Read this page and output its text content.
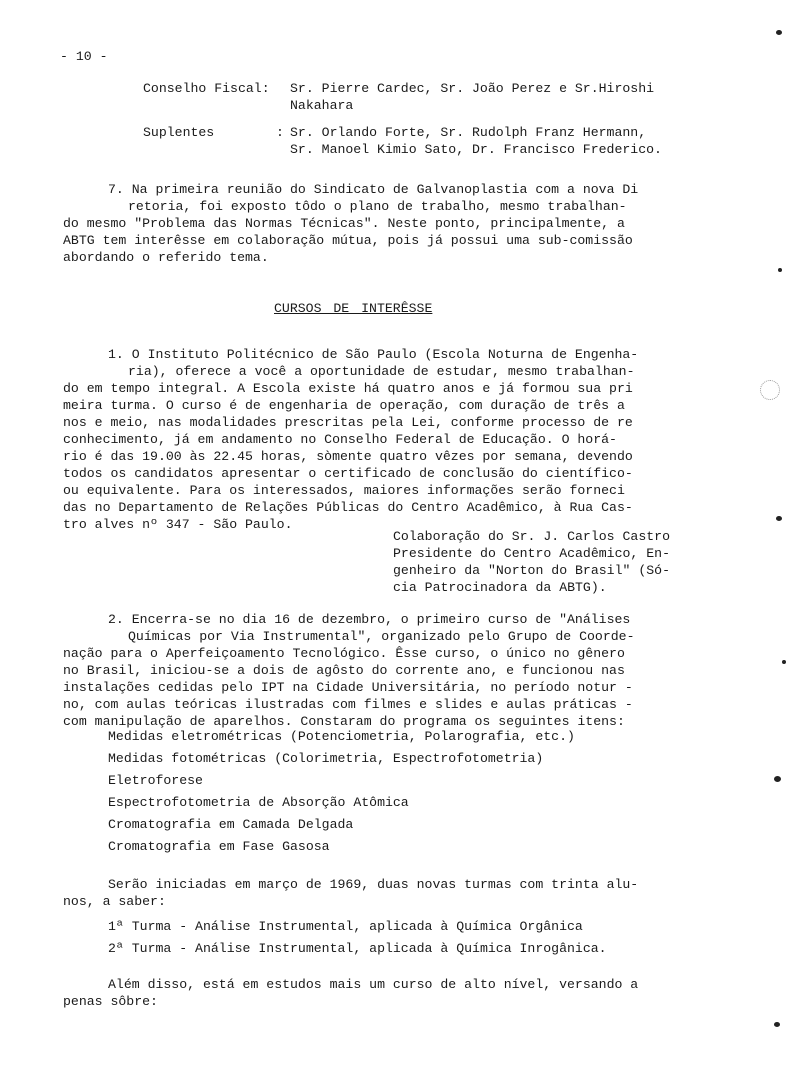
- 10 -
Conselho Fiscal: Sr. Pierre Cardec, Sr. João Perez e Sr.Hiroshi
Nakahara
Suplentes	: Sr. Orlando Forte, Sr. Rudolph Franz Hermann,
Sr. Manoel Kimio Sato, Dr. Francisco Frederico.
7. Na primeira reunião do Sindicato de Galvanoplastia com a nova Di
retoria, foi exposto tôdo o plano de trabalho, mesmo trabalhan-
do mesmo "Problema das Normas Técnicas". Neste ponto, principalmente, a
ABTG tem interêsse em colaboração mútua, pois já possui uma sub-comissão
abordando o referido tema.
CURSOS DE INTERÊSSE
1. O Instituto Politécnico de São Paulo (Escola Noturna de Engenha-
ria), oferece a você a oportunidade de estudar, mesmo trabalhan-
do em tempo integral. A Escola existe há quatro anos e já formou sua pri
meira turma. O curso é de engenharia de operação, com duração de três a
nos e meio, nas modalidades prescritas pela Lei, conforme processo de re
conhecimento, já em andamento no Conselho Federal de Educação. O horá-
rio é das 19.00 às 22.45 horas, sòmente quatro vêzes por semana, devendo
todos os candidatos apresentar o certificado de conclusão do científico-
ou equivalente. Para os interessados, maiores informações serão forneci
das no Departamento de Relações Públicas do Centro Acadêmico, à Rua Cas-
tro alves nº 347 - São Paulo.
Colaboração do Sr. J. Carlos Castro
Presidente do Centro Acadêmico, En-
genheiro da "Norton do Brasil" (Só-
cia Patrocinadora da ABTG).
2. Encerra-se no dia 16 de dezembro, o primeiro curso de "Análises
Químicas por Via Instrumental", organizado pelo Grupo de Coorde-
nação para o Aperfeiçoamento Tecnológico. Êsse curso, o único no gênero
no Brasil, iniciou-se a dois de agôsto do corrente ano, e funcionou nas
instalações cedidas pelo IPT na Cidade Universitária, no período notur -
no, com aulas teóricas ilustradas com filmes e slides e aulas práticas -
com manipulação de aparelhos. Constaram do programa os seguintes itens:
Medidas eletrométricas (Potenciometria, Polarografia, etc.)
Medidas fotométricas (Colorimetria, Espectrofotometria)
Eletroforese
Espectrofotometria de Absorção Atômica
Cromatografia em Camada Delgada
Cromatografia em Fase Gasosa
Serão iniciadas em março de 1969, duas novas turmas com trinta alu-
nos, a saber:
1ª Turma - Análise Instrumental, aplicada à Química Orgânica
2ª Turma - Análise Instrumental, aplicada à Química Inrogânica.
Além disso, está em estudos mais um curso de alto nível, versando a
penas sôbre:
